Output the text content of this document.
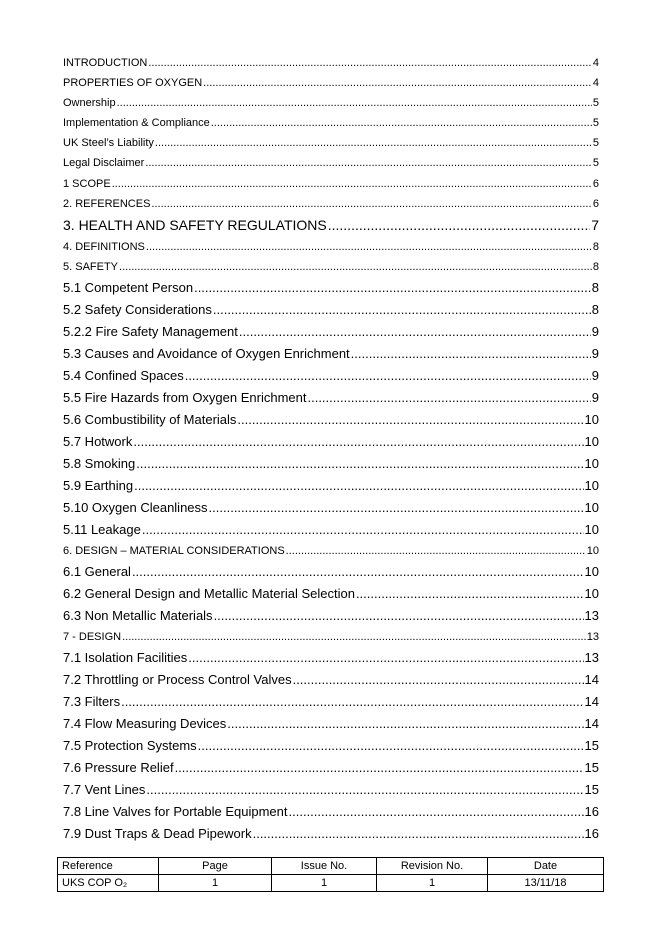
INTRODUCTION .....	4
PROPERTIES OF OXYGEN .....	4
Ownership .....	5
Implementation & Compliance .....	5
UK Steel’s Liability .....	5
Legal Disclaimer .....	5
1 SCOPE .....	6
2. REFERENCES .....	6
3. HEALTH AND SAFETY REGULATIONS .....	7
4. DEFINITIONS .....	8
5. SAFETY .....	8
5.1 Competent Person .....	8
5.2 Safety Considerations .....	8
5.2.2 Fire Safety Management .....	9
5.3 Causes and Avoidance of Oxygen Enrichment .....	9
5.4 Confined Spaces .....	9
5.5 Fire Hazards from Oxygen Enrichment .....	9
5.6 Combustibility of Materials .....	10
5.7 Hotwork .....	10
5.8 Smoking .....	10
5.9 Earthing .....	10
5.10 Oxygen Cleanliness .....	10
5.11 Leakage .....	10
6. DESIGN – MATERIAL CONSIDERATIONS .....	10
6.1 General .....	10
6.2 General Design and Metallic Material Selection .....	10
6.3 Non Metallic Materials .....	13
7 - DESIGN .....	13
7.1 Isolation Facilities .....	13
7.2 Throttling or Process Control Valves .....	14
7.3 Filters .....	14
7.4 Flow Measuring Devices .....	14
7.5 Protection Systems .....	15
7.6 Pressure Relief .....	15
7.7 Vent Lines .....	15
7.8 Line Valves for Portable Equipment .....	16
7.9 Dust Traps & Dead Pipework .....	16
Reference	Page	Issue No.	Revision No.	Date
UKS COP O₂	1	1	1	13/11/18
